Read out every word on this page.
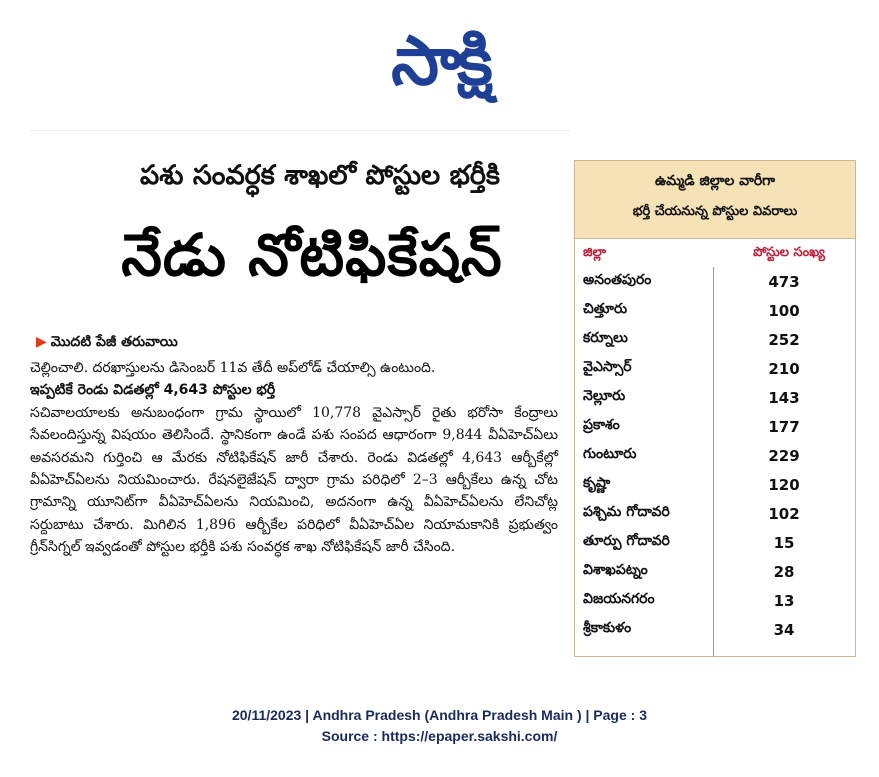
సాక్షి
పశు సంవర్ధక శాఖలో పోస్టుల భర్తీకి
నేడు నోటిఫికేషన్
▶ మొదటి పేజీ తరువాయి

చెల్లించాలి. దరఖాస్తులను డిసెంబర్ 11వ తేదీ అప్‌లోడ్ చేయాల్సి ఉంటుంది.

ఇప్పటికే రెండు విడతల్లో 4,643 పోస్టుల భర్తీ

సచివాలయాలకు అనుబంధంగా గ్రామ స్థాయిలో 10,778 వైఎస్సార్ రైతు భరోసా కేంద్రాలు సేవలందిస్తున్న విషయం తెలిసిందే. స్థానికంగా ఉండే పశు సంపద ఆధారంగా 9,844 వీఏహెచ్‌ఏలు అవసరమని గుర్తించి ఆ మేరకు నోటిఫికేషన్ జారీ చేశారు. రెండు విడతల్లో 4,643 ఆర్బీకేల్లో వీఏహెచ్‌ఏలను నియమించారు. రేషనలైజేషన్ ద్వారా గ్రామ పరిధిలో 2–3 ఆర్బీకేలు ఉన్న చోట గ్రామాన్ని యూనిట్‌గా వీఏహెచ్‌ఏలను నియమించి, అదనంగా ఉన్న వీఏహెచ్‌ఏలను లేనిచోట్ల సర్దుబాటు చేశారు. మిగిలిన 1,896 ఆర్బీకేల పరిధిలో వీఏహెచ్‌ఏల నియామకానికి ప్రభుత్వం గ్రీన్‌సిగ్నల్ ఇవ్వడంతో పోస్టుల భర్తీకి పశు సంవర్ధక శాఖ నోటిఫికేషన్ జారీ చేసింది.

ఉమ్మడి జిల్లాల వారీగా
భర్తీ చేయనున్న పోస్టుల వివరాలు
జిల్లా	పోస్టుల సంఖ్య
అనంతపురం	473
చిత్తూరు	100
కర్నూలు	252
వైఎస్సార్	210
నెల్లూరు	143
ప్రకాశం	177
గుంటూరు	229
కృష్ణా	120
పశ్చిమ గోదావరి	102
తూర్పు గోదావరి	15
విశాఖపట్నం	28
విజయనగరం	13
శ్రీకాకుళం	34
20/11/2023 | Andhra Pradesh (Andhra Pradesh Main ) | Page : 3
Source : https://epaper.sakshi.com/
